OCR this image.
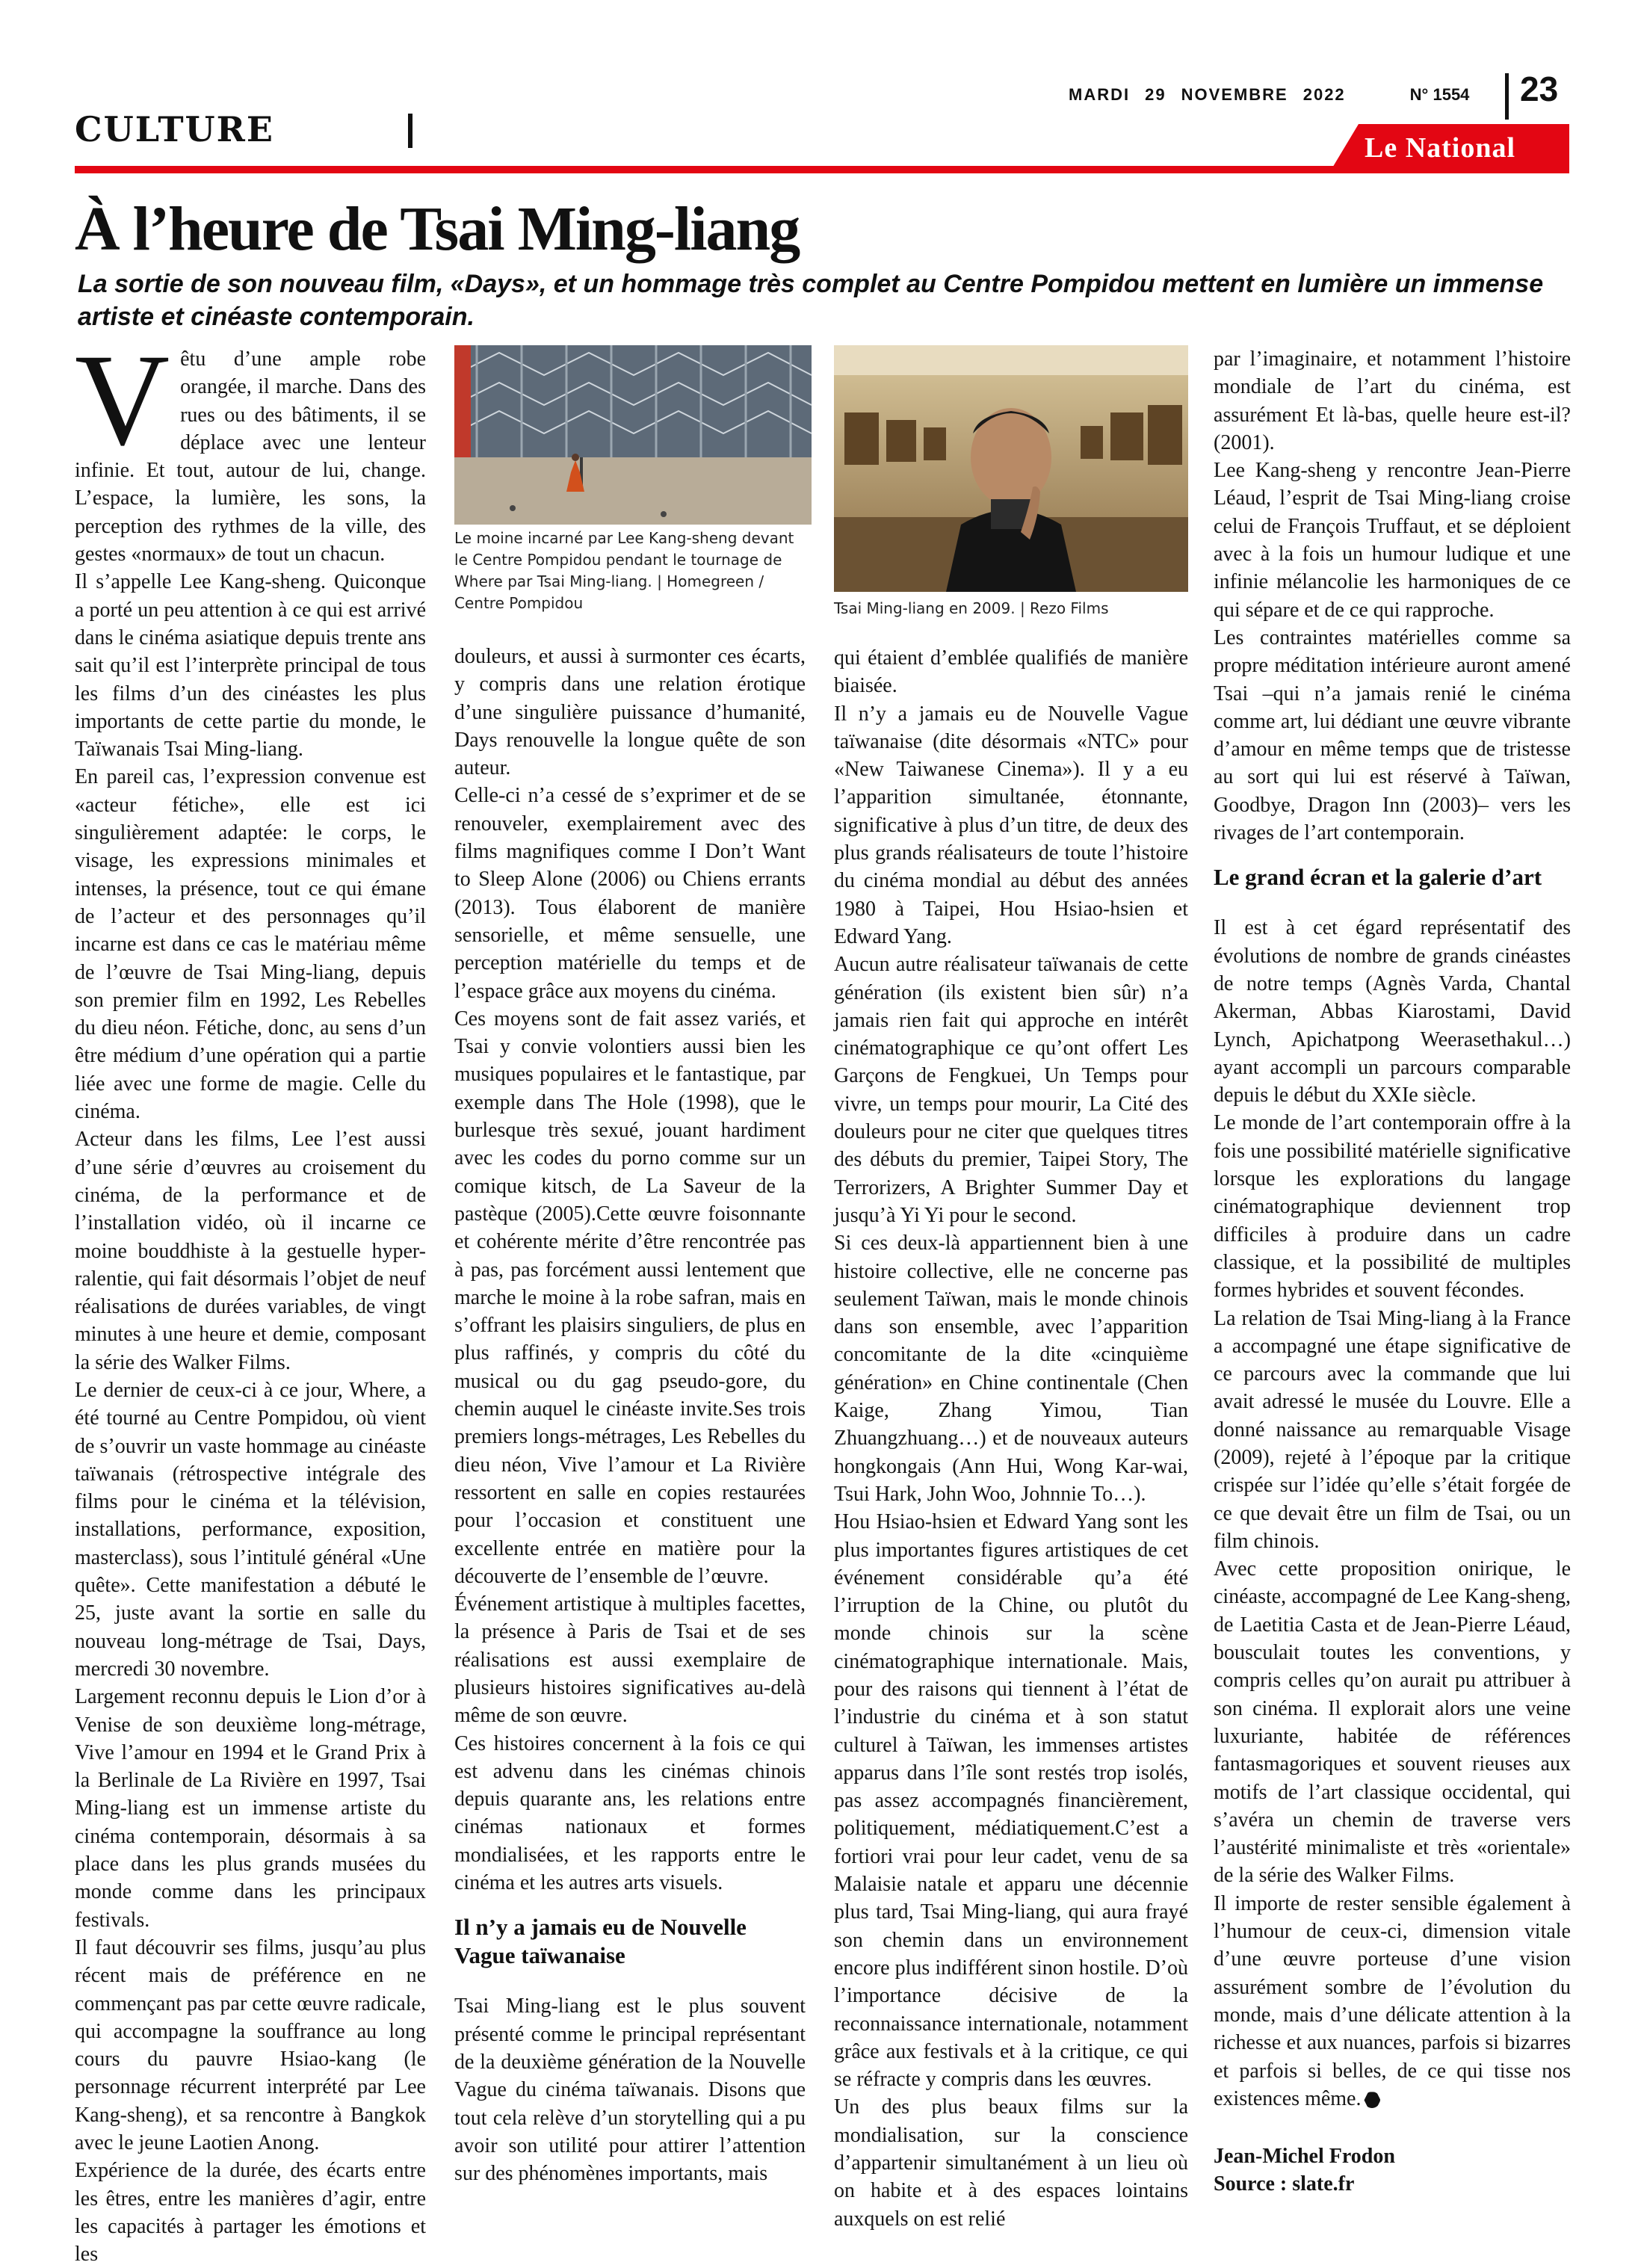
CULTURE
MARDI 29 NOVEMBRE 2022	N° 1554 23
Le National
À l’heure de Tsai Ming-liang

La sortie de son nouveau film, «Days», et un hommage très complet au Centre Pompidou mettent en lumière un immense artiste et cinéaste contemporain.

Vêtu d’une ample robe orangée, il marche. Dans des rues ou des bâtiments, il se déplace avec une lenteur infinie. Et tout, autour de lui, change. L’espace, la lumière, les sons, la perception des rythmes de la ville, des gestes «normaux» de tout un chacun.

Il s’appelle Lee Kang-sheng. Quiconque a porté un peu attention à ce qui est arrivé dans le cinéma asiatique depuis trente ans sait qu’il est l’interprète principal de tous les films d’un des cinéastes les plus importants de cette partie du monde, le Taïwanais Tsai Ming-liang.

En pareil cas, l’expression convenue est «acteur fétiche», elle est ici singulièrement adaptée: le corps, le visage, les expressions minimales et intenses, la présence, tout ce qui émane de l’acteur et des personnages qu’il incarne est dans ce cas le matériau même de l’œuvre de Tsai Ming-liang, depuis son premier film en 1992, Les Rebelles du dieu néon. Fétiche, donc, au sens d’un être médium d’une opération qui a partie liée avec une forme de magie. Celle du cinéma.

Acteur dans les films, Lee l’est aussi d’une série d’œuvres au croisement du cinéma, de la performance et de l’installation vidéo, où il incarne ce moine bouddhiste à la gestuelle hyper-ralentie, qui fait désormais l’objet de neuf réalisations de durées variables, de vingt minutes à une heure et demie, composant la série des Walker Films.

Le dernier de ceux-ci à ce jour, Where, a été tourné au Centre Pompidou, où vient de s’ouvrir un vaste hommage au cinéaste taïwanais (rétrospective intégrale des films pour le cinéma et la télévision, installations, performance, exposition, masterclass), sous l’intitulé général «Une quête». Cette manifestation a débuté le 25, juste avant la sortie en salle du nouveau long-métrage de Tsai, Days, mercredi 30 novembre.

Largement reconnu depuis le Lion d’or à Venise de son deuxième long-métrage, Vive l’amour en 1994 et le Grand Prix à la Berlinale de La Rivière en 1997, Tsai Ming-liang est un immense artiste du cinéma contemporain, désormais à sa place dans les plus grands musées du monde comme dans les principaux festivals.

Il faut découvrir ses films, jusqu’au plus récent mais de préférence en ne commençant pas par cette œuvre radicale, qui accompagne la souffrance au long cours du pauvre Hsiao-kang (le personnage récurrent interprété par Lee Kang-sheng), et sa rencontre à Bangkok avec le jeune Laotien Anong.

Expérience de la durée, des écarts entre les êtres, entre les manières d’agir, entre les capacités à partager les émotions et les

Le moine incarné par Lee Kang-sheng devant le Centre Pompidou pendant le tournage de Where par Tsai Ming-liang. | Homegreen / Centre Pompidou	Tsai Ming-liang en 2009. | Rezo Films

douleurs, et aussi à surmonter ces écarts, y compris dans une relation érotique d’une singulière puissance d’humanité, Days renouvelle la longue quête de son auteur.

Celle-ci n’a cessé de s’exprimer et de se renouveler, exemplairement avec des films magnifiques comme I Don’t Want to Sleep Alone (2006) ou Chiens errants (2013). Tous élaborent de manière sensorielle, et même sensuelle, une perception matérielle du temps et de l’espace grâce aux moyens du cinéma.

Ces moyens sont de fait assez variés, et Tsai y convie volontiers aussi bien les musiques populaires et le fantastique, par exemple dans The Hole (1998), que le burlesque très sexué, jouant hardiment avec les codes du porno comme sur un comique kitsch, de La Saveur de la pastèque (2005).Cette œuvre foisonnante et cohérente mérite d’être rencontrée pas à pas, pas forcément aussi lentement que marche le moine à la robe safran, mais en s’offrant les plaisirs singuliers, de plus en plus raffinés, y compris du côté du musical ou du gag pseudo-gore, du chemin auquel le cinéaste invite.Ses trois premiers longs-métrages, Les Rebelles du dieu néon, Vive l’amour et La Rivière ressortent en salle en copies restaurées pour l’occasion et constituent une excellente entrée en matière pour la découverte de l’ensemble de l’œuvre.

Événement artistique à multiples facettes, la présence à Paris de Tsai et de ses réalisations est aussi exemplaire de plusieurs histoires significatives au-delà même de son œuvre.

Ces histoires concernent à la fois ce qui est advenu dans les cinémas chinois depuis quarante ans, les relations entre cinémas nationaux et formes mondialisées, et les rapports entre le cinéma et les autres arts visuels.

Il n’y a jamais eu de Nouvelle Vague taïwanaise

Tsai Ming-liang est le plus souvent présenté comme le principal représentant de la deuxième génération de la Nouvelle Vague du cinéma taïwanais. Disons que tout cela relève d’un storytelling qui a pu avoir son utilité pour attirer l’attention sur des phénomènes importants, mais

qui étaient d’emblée qualifiés de manière biaisée.

Il n’y a jamais eu de Nouvelle Vague taïwanaise (dite désormais «NTC» pour «New Taiwanese Cinema»). Il y a eu l’apparition simultanée, étonnante, significative à plus d’un titre, de deux des plus grands réalisateurs de toute l’histoire du cinéma mondial au début des années 1980 à Taipei, Hou Hsiao-hsien et Edward Yang.

Aucun autre réalisateur taïwanais de cette génération (ils existent bien sûr) n’a jamais rien fait qui approche en intérêt cinématographique ce qu’ont offert Les Garçons de Fengkuei, Un Temps pour vivre, un temps pour mourir, La Cité des douleurs pour ne citer que quelques titres des débuts du premier, Taipei Story, The Terrorizers, A Brighter Summer Day et jusqu’à Yi Yi pour le second.

Si ces deux-là appartiennent bien à une histoire collective, elle ne concerne pas seulement Taïwan, mais le monde chinois dans son ensemble, avec l’apparition concomitante de la dite «cinquième génération» en Chine continentale (Chen Kaige, Zhang Yimou, Tian Zhuangzhuang…) et de nouveaux auteurs hongkongais (Ann Hui, Wong Kar-wai, Tsui Hark, John Woo, Johnnie To…).

Hou Hsiao-hsien et Edward Yang sont les plus importantes figures artistiques de cet événement considérable qu’a été l’irruption de la Chine, ou plutôt du monde chinois sur la scène cinématographique internationale. Mais, pour des raisons qui tiennent à l’état de l’industrie du cinéma et à son statut culturel à Taïwan, les immenses artistes apparus dans l’île sont restés trop isolés, pas assez accompagnés financièrement, politiquement, médiatiquement.C’est a fortiori vrai pour leur cadet, venu de sa Malaisie natale et apparu une décennie plus tard, Tsai Ming-liang, qui aura frayé son chemin dans un environnement encore plus indifférent sinon hostile. D’où l’importance décisive de la reconnaissance internationale, notamment grâce aux festivals et à la critique, ce qui se réfracte y compris dans les œuvres.

Un des plus beaux films sur la mondialisation, sur la conscience d’appartenir simultanément à un lieu où on habite et à des espaces lointains auxquels on est relié

par l’imaginaire, et notamment l’histoire mondiale de l’art du cinéma, est assurément Et là-bas, quelle heure est-il? (2001).

Lee Kang-sheng y rencontre Jean-Pierre Léaud, l’esprit de Tsai Ming-liang croise celui de François Truffaut, et se déploient avec à la fois un humour ludique et une infinie mélancolie les harmoniques de ce qui sépare et de ce qui rapproche.

Les contraintes matérielles comme sa propre méditation intérieure auront amené Tsai –qui n’a jamais renié le cinéma comme art, lui dédiant une œuvre vibrante d’amour en même temps que de tristesse au sort qui lui est réservé à Taïwan, Goodbye, Dragon Inn (2003)– vers les rivages de l’art contemporain.

Le grand écran et la galerie d’art

Il est à cet égard représentatif des évolutions de nombre de grands cinéastes de notre temps (Agnès Varda, Chantal Akerman, Abbas Kiarostami, David Lynch, Apichatpong Weerasethakul…) ayant accompli un parcours comparable depuis le début du XXIe siècle.

Le monde de l’art contemporain offre à la fois une possibilité matérielle significative lorsque les explorations du langage cinématographique deviennent trop difficiles à produire dans un cadre classique, et la possibilité de multiples formes hybrides et souvent fécondes.

La relation de Tsai Ming-liang à la France a accompagné une étape significative de ce parcours avec la commande que lui avait adressé le musée du Louvre. Elle a donné naissance au remarquable Visage (2009), rejeté à l’époque par la critique crispée sur l’idée qu’elle s’était forgée de ce que devait être un film de Tsai, ou un film chinois.

Avec cette proposition onirique, le cinéaste, accompagné de Lee Kang-sheng, de Laetitia Casta et de Jean-Pierre Léaud, bousculait toutes les conventions, y compris celles qu’on aurait pu attribuer à son cinéma. Il explorait alors une veine luxuriante, habitée de références fantasmagoriques et souvent rieuses aux motifs de l’art classique occidental, qui s’avéra un chemin de traverse vers l’austérité minimaliste et très «orientale» de la série des Walker Films.

Il importe de rester sensible également à l’humour de ceux-ci, dimension vitale d’une œuvre porteuse d’une vision assurément sombre de l’évolution du monde, mais d’une délicate attention à la richesse et aux nuances, parfois si bizarres et parfois si belles, de ce qui tisse nos existences même.

Jean-Michel Frodon
Source : slate.fr
